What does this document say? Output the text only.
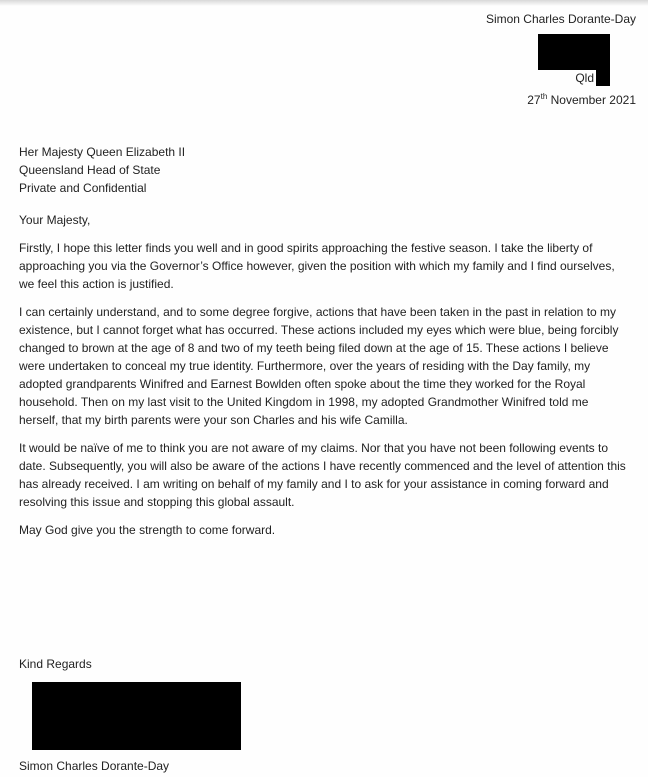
Simon Charles Dorante-Day
Qld
27th November 2021
Her Majesty Queen Elizabeth II
Queensland Head of State
Private and Confidential

Your Majesty,

Firstly, I hope this letter finds you well and in good spirits approaching the festive season. I take the liberty of approaching you via the Governor’s Office however, given the position with which my family and I find ourselves, we feel this action is justified.

I can certainly understand, and to some degree forgive, actions that have been taken in the past in relation to my existence, but I cannot forget what has occurred. These actions included my eyes which were blue, being forcibly changed to brown at the age of 8 and two of my teeth being filed down at the age of 15. These actions I believe were undertaken to conceal my true identity. Furthermore, over the years of residing with the Day family, my adopted grandparents Winifred and Earnest Bowlden often spoke about the time they worked for the Royal household. Then on my last visit to the United Kingdom in 1998, my adopted Grandmother Winifred told me herself, that my birth parents were your son Charles and his wife Camilla.

It would be naïve of me to think you are not aware of my claims. Nor that you have not been following events to date. Subsequently, you will also be aware of the actions I have recently commenced and the level of attention this has already received. I am writing on behalf of my family and I to ask for your assistance in coming forward and resolving this issue and stopping this global assault.

May God give you the strength to come forward.

Kind Regards
Simon Charles Dorante-Day
